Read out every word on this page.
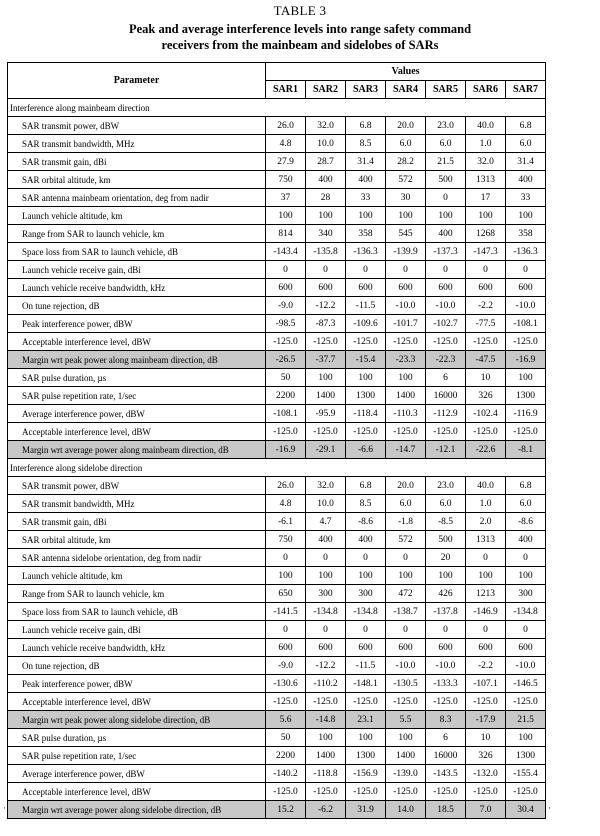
TABLE 3
Peak and average interference levels into range safety command
receivers from the mainbeam and sidelobes of SARs
Parameter	Values						
	SAR1	SAR2	SAR3	SAR4	SAR5	SAR6	SAR7
Interference along mainbeam direction							
SAR transmit power, dBW	26.0	32.0	6.8	20.0	23.0	40.0	6.8
SAR transmit bandwidth, MHz	4.8	10.0	8.5	6.0	6.0	1.0	6.0
SAR transmit gain, dBi	27.9	28.7	31.4	28.2	21.5	32.0	31.4
SAR orbital altitude, km	750	400	400	572	500	1313	400
SAR antenna mainbeam orientation, deg from nadir	37	28	33	30	0	17	33
Launch vehicle altitude, km	100	100	100	100	100	100	100
Range from SAR to launch vehicle, km	814	340	358	545	400	1268	358
Space loss from SAR to launch vehicle, dB	-143.4	-135.8	-136.3	-139.9	-137.3	-147.3	-136.3
Launch vehicle receive gain, dBi	0	0	0	0	0	0	0
Launch vehicle receive bandwidth, kHz	600	600	600	600	600	600	600
On tune rejection, dB	-9.0	-12.2	-11.5	-10.0	-10.0	-2.2	-10.0
Peak interference power, dBW	-98.5	-87.3	-109.6	-101.7	-102.7	-77.5	-108.1
Acceptable interference level, dBW	-125.0	-125.0	-125.0	-125.0	-125.0	-125.0	-125.0
Margin wrt peak power along mainbeam direction, dB	-26.5	-37.7	-15.4	-23.3	-22.3	-47.5	-16.9
SAR pulse duration, µs	50	100	100	100	6	10	100
SAR pulse repetition rate, 1/sec	2200	1400	1300	1400	16000	326	1300
Average interference power, dBW	-108.1	-95.9	-118.4	-110.3	-112.9	-102.4	-116.9
Acceptable interference level, dBW	-125.0	-125.0	-125.0	-125.0	-125.0	-125.0	-125.0
Margin wrt average power along mainbeam direction, dB	-16.9	-29.1	-6.6	-14.7	-12.1	-22.6	-8.1
Interference along sidelobe direction							
SAR transmit power, dBW	26.0	32.0	6.8	20.0	23.0	40.0	6.8
SAR transmit bandwidth, MHz	4.8	10.0	8.5	6.0	6.0	1.0	6.0
SAR transmit gain, dBi	-6.1	4.7	-8.6	-1.8	-8.5	2.0	-8.6
SAR orbital altitude, km	750	400	400	572	500	1313	400
SAR antenna sidelobe orientation, deg from nadir	0	0	0	0	20	0	0
Launch vehicle altitude, km	100	100	100	100	100	100	100
Range from SAR to launch vehicle, km	650	300	300	472	426	1213	300
Space loss from SAR to launch vehicle, dB	-141.5	-134.8	-134.8	-138.7	-137.8	-146.9	-134.8
Launch vehicle receive gain, dBi	0	0	0	0	0	0	0
Launch vehicle receive bandwidth, kHz	600	600	600	600	600	600	600
On tune rejection, dB	-9.0	-12.2	-11.5	-10.0	-10.0	-2.2	-10.0
Peak interference power, dBW	-130.6	-110.2	-148.1	-130.5	-133.3	-107.1	-146.5
Acceptable interference level, dBW	-125.0	-125.0	-125.0	-125.0	-125.0	-125.0	-125.0
Margin wrt peak power along sidelobe direction, dB	5.6	-14.8	23.1	5.5	8.3	-17.9	21.5
SAR pulse duration, µs	50	100	100	100	6	10	100
SAR pulse repetition rate, 1/sec	2200	1400	1300	1400	16000	326	1300
Average interference power, dBW	-140.2	-118.8	-156.9	-139.0	-143.5	-132.0	-155.4
Acceptable interference level, dBW	-125.0	-125.0	-125.0	-125.0	-125.0	-125.0	-125.0
Margin wrt average power along sidelobe direction, dB	15.2	-6.2	31.9	14.0	18.5	7.0	30.4
·	·
